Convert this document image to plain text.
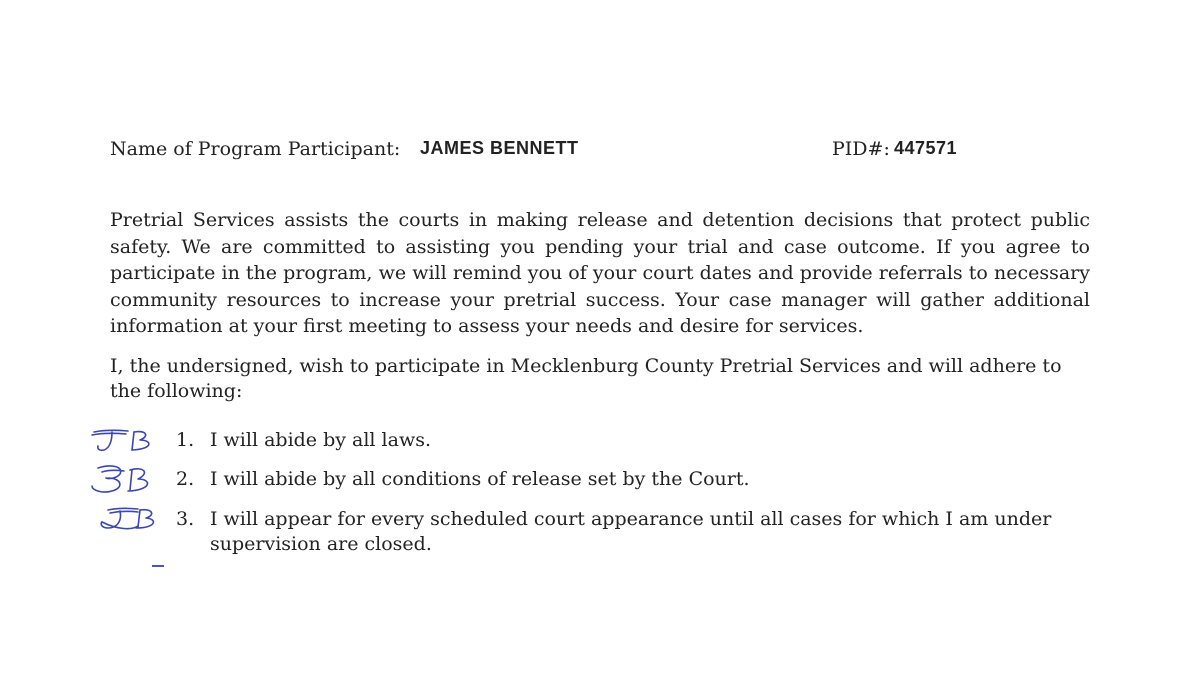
Name of Program Participant: JAMES BENNETT	PID#: 447571

Pretrial Services assists the courts in making release and detention decisions that protect public safety. We are committed to assisting you pending your trial and case outcome. If you agree to participate in the program, we will remind you of your court dates and provide referrals to necessary community resources to increase your pretrial success. Your case manager will gather additional information at your first meeting to assess your needs and desire for services.

I, the undersigned, wish to participate in Mecklenburg County Pretrial Services and will adhere to the following:

1. I will abide by all laws.
2. I will abide by all conditions of release set by the Court.
3. I will appear for every scheduled court appearance until all cases for which I am under supervision are closed.
